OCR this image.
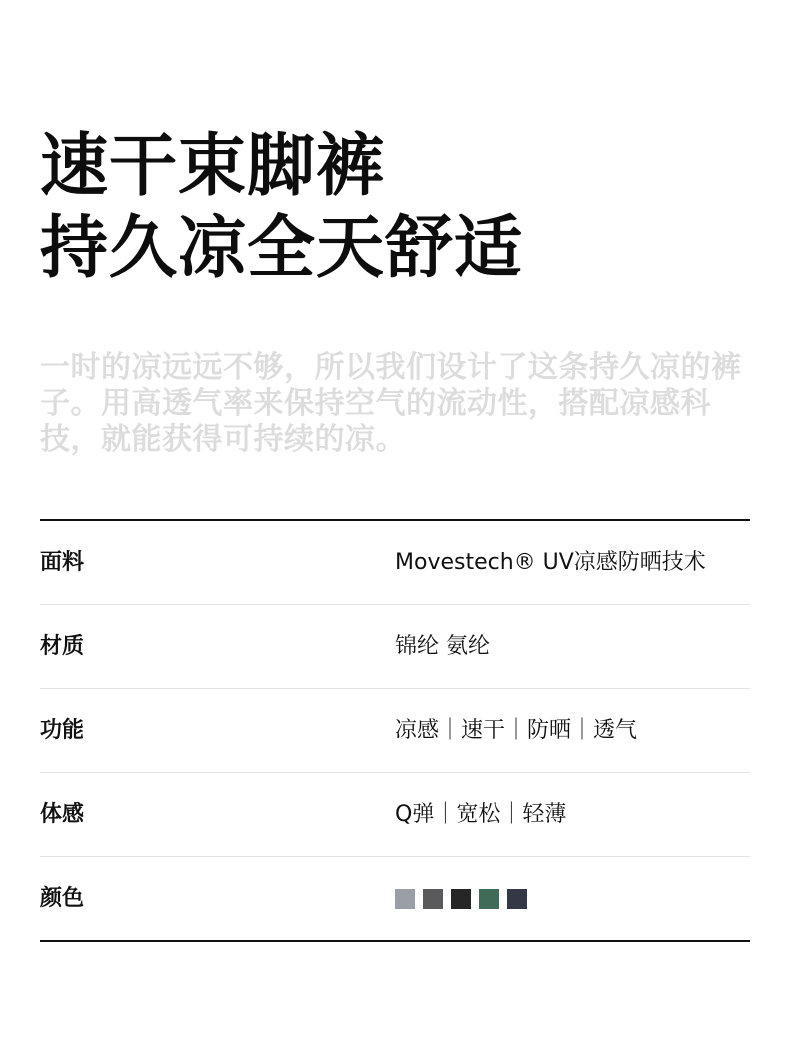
速干束脚裤
持久凉全天舒适

一时的凉远远不够，所以我们设计了这条持久凉的裤子。用高透气率来保持空气的流动性，搭配凉感科技，就能获得可持续的凉。

面料	Movestech® UV凉感防晒技术
材质	锦纶 氨纶
功能	凉感｜速干｜防晒｜透气
体感	Q弹｜宽松｜轻薄
颜色
